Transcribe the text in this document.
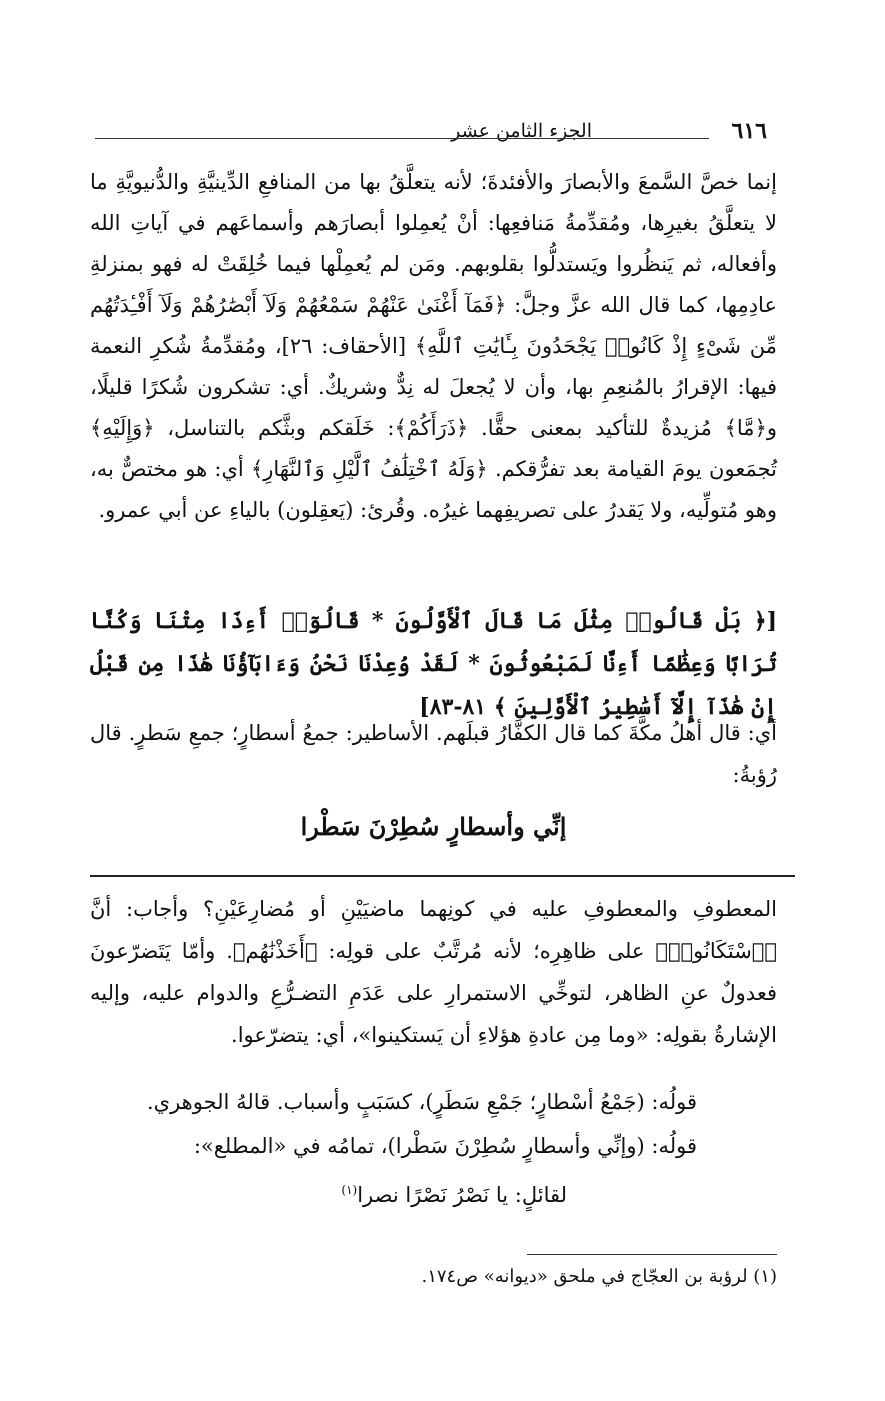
٦١٦
الجزء الثامن عشر

إنما خصَّ السَّمعَ والأبصارَ والأفئدةَ؛ لأنه يتعلَّقُ بها من المنافعِ الدِّينيَّةِ والدُّنيويَّةِ ما لا يتعلَّقُ بغيرِها، ومُقدِّمةُ مَنافعِها: أنْ يُعمِلوا أبصارَهم وأسماعَهم في آياتِ الله وأفعاله، ثم يَنظُروا ويَستدلُّوا بقلوبهم. ومَن لم يُعمِلْها فيما خُلِقَتْ له فهو بمنزلةِ عادِمِها، كما قال الله عزَّ وجلَّ: ﴿فَمَآ أَغْنَىٰ عَنْهُمْ سَمْعُهُمْ وَلَآ أَبْصَٰرُهُمْ وَلَآ أَفْـِٔدَتُهُم مِّن شَىْءٍ إِذْ كَانُوا۟ يَجْحَدُونَ بِـَٔايَٰتِ ٱللَّهِ﴾ [الأحقاف: ٢٦]، ومُقدِّمةُ شُكرِ النعمة فيها: الإقرارُ بالمُنعِمِ بها، وأن لا يُجعلَ له نِدٌّ وشريكٌ. أي: تشكرون شُكرًا قليلًا، و﴿مَّا﴾ مُزيدةٌ للتأكيد بمعنى حقًّا. ﴿ذَرَأَكُمْ﴾: خَلَقكم وبثَّكم بالتناسل، ﴿وَإِلَيْهِ﴾ تُجمَعون يومَ القيامة بعد تفرُّقكم. ﴿وَلَهُ ٱخْتِلَٰفُ ٱلَّيْلِ وَٱلنَّهَارِ﴾ أي: هو مختصٌّ به، وهو مُتولِّيه، ولا يَقدرُ على تصريفِهما غيرُه. وقُرئ: (يَعقِلون) بالياءِ عن أبي عمرو.

[﴿ بَلْ قَالُوا۟ مِثْلَ مَا قَالَ ٱلْأَوَّلُونَ * قَالُوٓا۟ أَءِذَا مِتْنَا وَكُنَّا تُرَابًا وَعِظَٰمًا أَءِنَّا لَمَبْعُوثُونَ * لَقَدْ وُعِدْنَا نَحْنُ وَءَابَآؤُنَا هَٰذَا مِن قَبْلُ إِنْ هَٰذَآ إِلَّآ أَسَٰطِيرُ ٱلْأَوَّلِينَ ﴾ ٨١-٨٣]

أي: قال أهلُ مكَّةَ كما قال الكفَّارُ قبلَهم. الأساطير: جمعُ أسطارٍ؛ جمعِ سَطرٍ. قال رُؤبةُ:

إنِّي وأسطارٍ سُطِرْنَ سَطْرا

المعطوفِ والمعطوفِ عليه في كونِهما ماضيَيْنِ أو مُضارِعَيْنِ؟ وأجاب: أنَّ ﴿ٱسْتَكَانُوا۟﴾ على ظاهِرِه؛ لأنه مُرتَّبٌ على قولِه: ﴿أَخَذْنَٰهُم﴾. وأمّا يَتَضرّعونَ فعدولٌ عنِ الظاهر، لتوخِّي الاستمرارِ على عَدَمِ التضـرُّعِ والدوام عليه، وإليه الإشارةُ بقولِه: «وما مِن عادةِ هؤلاءِ أن يَستكينوا»، أي: يتضرّعوا.

قولُه: (جَمْعُ أسْطارٍ؛ جَمْعِ سَطَرٍ)، كسَبَبٍ وأسباب. قالهُ الجوهري.

قولُه: (وإنِّي وأسطارٍ سُطِرْنَ سَطْرا)، تمامُه في «المطلع»:

لقائلٍ: يا نَصْرُ نَصْرًا نصرا$^{(١)}$

(١) لرؤبة بن العجّاج في ملحق «ديوانه» ص١٧٤.
